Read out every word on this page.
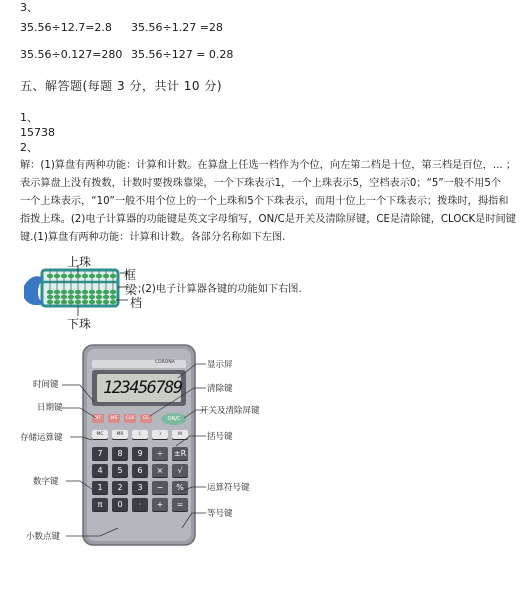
3、
35.56÷12.7=2.8 35.56÷1.27 =28
35.56÷0.127=280 35.56÷127 = 0.28
五、解答题(每题 3 分，共计 10 分)
1、
15738
2、
解：(1)算盘有两种功能：计算和计数。在算盘上任选一档作为个位，向左第二档是十位，第三档是百位，... ；
表示算盘上没有拨数，计数时要拨珠靠梁，一个下珠表示1，一个上珠表示5，空档表示0；“5”一般不用5个
一个上珠表示，“10”一般不用个位上的一个上珠和5个下珠表示，而用十位上一个下珠表示；拨珠时，拇指和
指拨上珠。(2)电子计算器的功能键是英文字母缩写，ON/C是开关及清除屏键，CE是清除键，CLOCK是时间键
键.(1)算盘有两种功能：计算和计数。各部分名称如下左图.
上珠
框
梁
档
下珠
;(2)电子计算器各键的功能如下右图.
CORONA
123456789
MT	MS	CLK	CE	ON/C
MC	MR	(	)	M
7	8	9	÷	±R
4	5	6	×	√
1	2	3	−	%
π	0	·	+	=
时间键
日期键
存储运算键
数字键
小数点键
显示屏
清除键
开关及清除屏键
括号键
运算符号键
等号键
